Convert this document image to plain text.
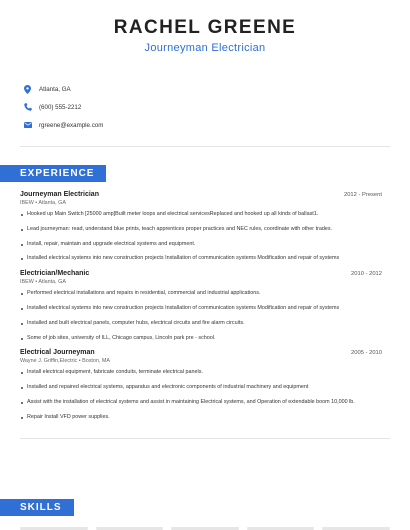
RACHEL GREENE
Journeyman Electrician
Atlanta, GA
(600) 555-2212
rgreene@example.com
EXPERIENCE
Journeyman Electrician	2012 - Present
IBEW • Atlanta, GA
Hooked up Main Switch [25000 amp]Built meter loops and electrical servicesReplaced and hooked up all kinds of ballast1.
Lead journeyman: read, understand blue prints, teach apprentices proper practices and NEC rules, coordinate with other trades.
Install, repair, maintain and upgrade electrical systems and equipment.
Installed electrical systems into new construction projects Installation of communication systems Modification and repair of systems
Electrician/Mechanic	2010 - 2012
IBEW • Atlanta, GA
Performed electrical installations and repairs in residential, commercial and industrial applications.
Installed electrical systems into new construction projects Installation of communication systems Modification and repair of systems
Installed and built electrical panels, computer hubs, electrical circuits and fire alarm circuits.
Some of job sites, university of ILL, Chicago campus, Lincoln park pre - school.
Electrical Journeyman	2005 - 2010
Wayne J. Griffin,Electric • Boston, MA
Install electrical equipment, fabricate conduits, terminate electrical panels.
Installed and repaired electrical systems, apparatus and electronic components of industrial machinery and equipment
Assist with the installation of electrical systems and assist in maintaining Electrical systems, and Operation of extendable boom 10,000 lb.
Repair Install VFD power supplies.
SKILLS
